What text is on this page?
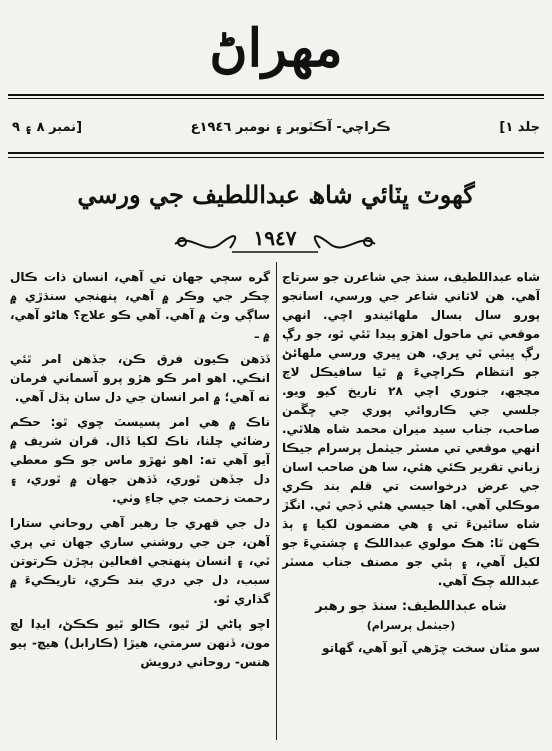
مهراڻ
جلد ١]
ڪراچي- آڪٽوبر ۽ نومبر ١٩٤٦ع
[نمبر ٨ ۽ ٩
گھوٽ ڀٽائي شاھ عبداللطيف جي ورسي
١٩٤٧

شاه عبداللطيف، سنڌ جي شاعرن جو سرتاج آهي. هن لاثاني شاعر جي ورسي، اسانجو پورو سال بسال ملهائيندو اچي. انهي موقعي تي ماحول اهڙو پيدا ٿئي ٿو، جو رڳ رڳ ڀيٽي ٿي ڀري. هن ڀيري ورسي ملهائڻ جو انتظام ڪراچيءَ ۾ ٿيا سافيڪل لاڄ مڃجھ، جنوري اچي ٢٨ تاريخ کيو ويو. جلسي جي ڪاروائي پوري جي چڱمن صاحب، جناب سيد ميران محمد شاه هلاٿي. انهي موقعي تي مسٽر جيٺمل پرسرام جيڪا زباني تقرير ڪئي هئي، سا هن صاحب اسان جي عرض درخواست تي قلم بند ڪري موڪلي آهي. اها جيسي هئي ڏجي ٿي. انگڙ شاه سائينءَ تي ۽ هي مضمون لکيا ۽ ٻڌ ڪهن ٿا: هڪ مولوي عبداللڪ ۽ چشتيءَ جو لکيل آهي، ۽ ٻئي جو مصنف جناب مسٽر عبدالله چڪ آهي.

شاه عبداللطيف: سنڌ جو رهبر

(جيٺمل پرسرام)

سو مٽان سخت چڙهي آيو آهي، گھاتو

گره سڄي جهان تي آهي، انسان ذات ڪال چڪر جي وڪر ۾ آهي، پنهنجي سنڌڙي ۾ ساڳي وٽ ۾ آهي. آهي ڪو علاج؟ هاڻو آهي، ۾ ـ

ڏڌهن ڪيون فرق ڪن، جڏهن امر ٿئي انڪي. اهو امر ڪو هڙو پرو آسماني فرمان نه آهي؛ ۾ امر انسان جي دل سان ٻڌل آهي.

ناڪ ۾ هي امر پسيسٽ چوي ٿو: حڪم رضائي چلنا، ناڪ لکيا ڏال. قران شريف ۾ آيو آهي ته: اهو ٺهڙو ماس جو ڪو معطي دل جڏهن ٿوري، ڏڌهن جهان ۾ ٿوري، ۽ رحمت زحمت جي جاءِ وٺي.

دل جي قهري جا رهبر آهي روحاني ستارا آهن، جن جي روشني ساري جهان تي پري ٿي، ۽ انسان پنهنجي افعالين ٻچڙن ڪرتوتن سبب، دل جي دري بند ڪري، تاريڪيءَ ۾ گذاري ٿو.

اچو پاڻي لڙ ٿيو، ڪالو ٿيو ڪڪڻ، ايڊا لڇ مون، ڏنهن سرمتي، هيڙا (ڪارابل) هيچ- ٻيو هنس- روحاني درويش
